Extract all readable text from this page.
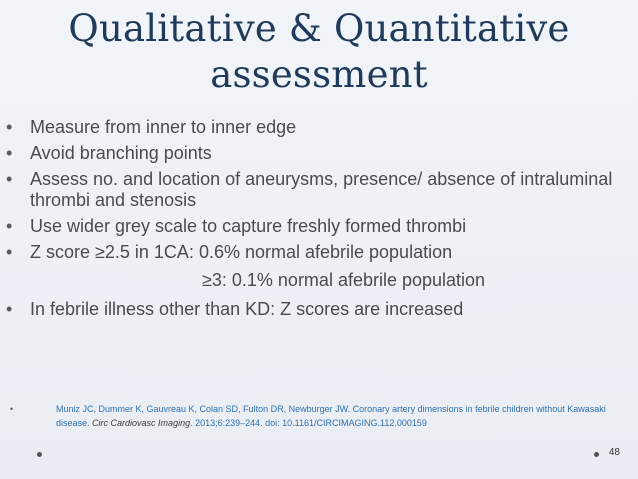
Qualitative & Quantitative
assessment
• Measure from inner to inner edge
• Avoid branching points
• Assess no. and location of aneurysms, presence/ absence of intraluminal thrombi and stenosis
• Use wider grey scale to capture freshly formed thrombi
• Z score ≥2.5 in 1CA: 0.6% normal afebrile population
≥3: 0.1% normal afebrile population
• In febrile illness other than KD: Z scores are increased
•	Muniz JC, Dummer K, Gauvreau K, Colan SD, Fulton DR, Newburger JW. Coronary artery dimensions in febrile children without Kawasaki disease. Circ Cardiovasc Imaging. 2013;6:239–244. doi: 10.1161/CIRCIMAGING.112.000159
48
